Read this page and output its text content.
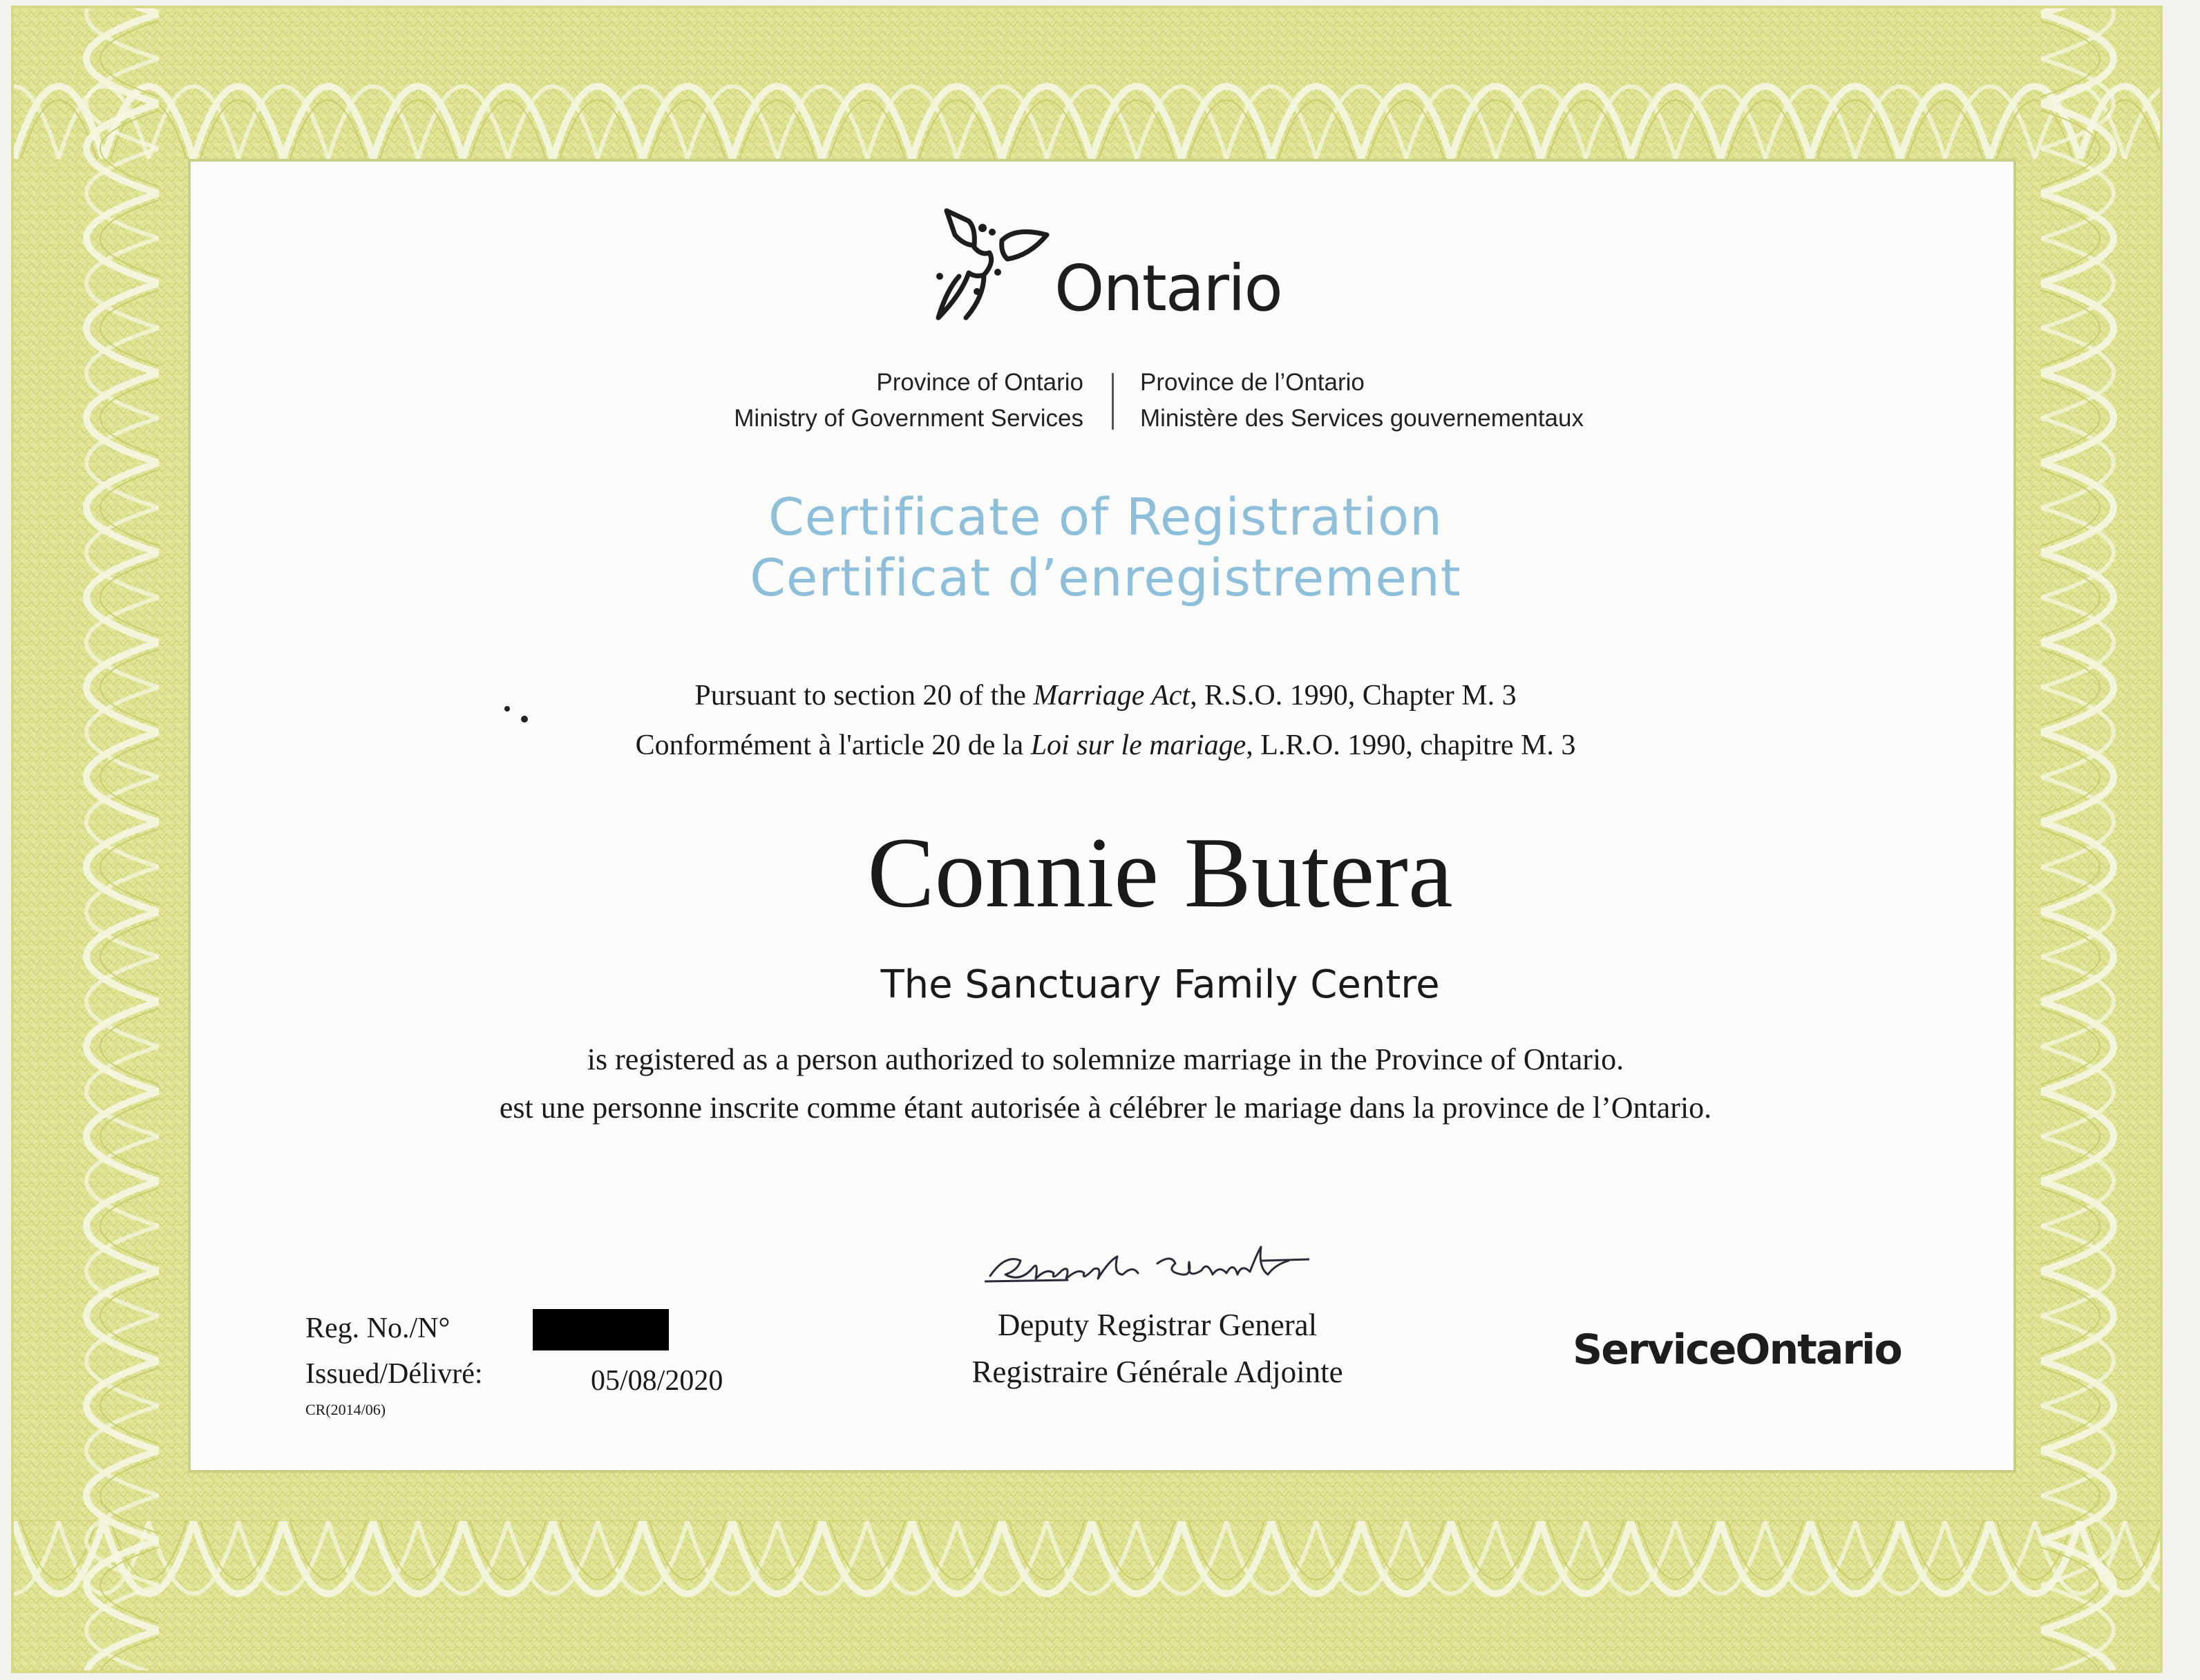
Ontario
Province of Ontario
Ministry of Government Services
Province de l’Ontario
Ministère des Services gouvernementaux
Certificate of Registration
Certificat d’enregistrement
Pursuant to section 20 of the Marriage Act, R.S.O. 1990, Chapter M. 3
Conformément à l'article 20 de la Loi sur le mariage, L.R.O. 1990, chapitre M. 3
Connie Butera
The Sanctuary Family Centre
is registered as a person authorized to solemnize marriage in the Province of Ontario.
est une personne inscrite comme étant autorisée à célébrer le mariage dans la province de l’Ontario.
Deputy Registrar General
Registraire Générale Adjointe
Reg. No./N°
Issued/Délivré:	05/08/2020
CR(2014/06)
ServiceOntario
